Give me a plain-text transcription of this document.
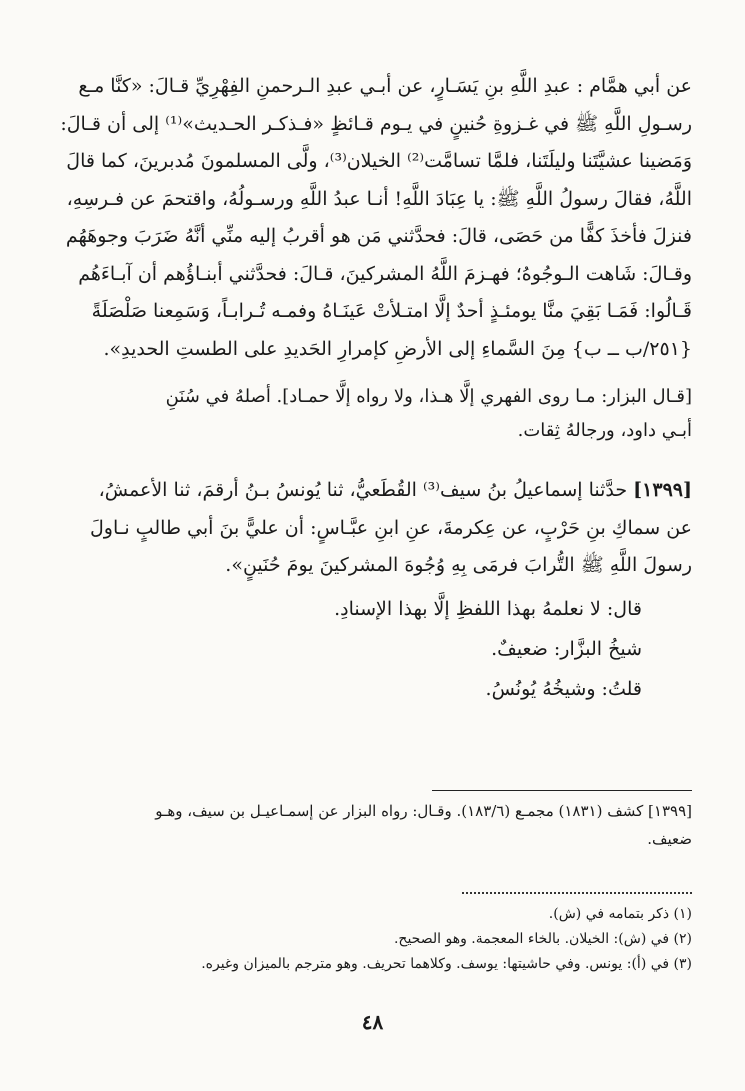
عن أبي همَّام : عبدِ اللَّهِ بنِ يَسَـارٍ، عن أبـي عبدِ الـرحمنِ الفِهْرِيِّ قـالَ: «كنَّا مـع

رسـولِ اللَّهِ ﷺ في غـزوةِ حُنينٍ في يـوم قـائظٍ «فـذكـر الحـديث»⁽¹⁾ إلى أن قـالَ:

وَمَضينا عشيَّتَنا وليلَتَنا، فلمَّا تسامَّت⁽²⁾ الخيلان⁽³⁾، ولَّى المسلمونَ مُدبرينَ، كما قالَ

اللَّهُ، فقالَ رسولُ اللَّهِ ﷺ: يا عِبَادَ اللَّهِ! أنـا عبدُ اللَّهِ ورسـولُهُ، واقتحمَ عن فـرسِهِ،

فنزلَ فأخذَ كفًّا من حَصَى، قالَ: فحدَّثني مَن هو أقربُ إليه منِّي أنَّهُ ضَرَبَ وجوهَهُم

وقـالَ: شَاهت الـوجُوهُ؛ فهـزمَ اللَّهُ المشركينَ، قـالَ: فحدَّثني أبنـاؤُهم أن آبـاءَهُم

قَـالُوا: فَمَـا بَقِيَ منَّا يومئـذٍ أحدٌ إلَّا امتـلأتْ عَينَـاهُ وفمـه تُـرابـاً، وَسَمِعنا صَلْصَلَةً

{٢٥١/ب ــ ب} مِنَ السَّماءِ إلى الأرضِ كإمرارِ الحَديدِ على الطستِ الحديدِ».

[قـال البزار: مـا روى الفهري إلَّا هـذا، ولا رواه إلَّا حمـاد]. أصلهُ في سُنَنِ

أبـي داود، ورجالهُ ثِقات.

[١٣٩٩] حدَّثنا إسماعيلُ بنُ سيف⁽³⁾ القُطَعيُّ، ثنا يُونسُ بـنُ أرقمَ، ثنا الأعمشُ،

عن سماكِ بنِ حَرْبٍ، عن عِكرمةَ، عنِ ابنِ عبَّـاسٍ: أن عليًّ بنَ أبي طالبٍ نـاولَ

رسولَ اللَّهِ ﷺ التُّرابَ فرمَى بِهِ وُجُوهَ المشركينَ يومَ حُنَينٍ».

قال: لا نعلمهُ بهذا اللفظِ إلَّا بهذا الإسنادِ.

شيخُ البزَّار: ضعيفٌ.

قلتُ: وشيخُهُ يُونُسُ.

[١٣٩٩] كشف (١٨٣١) مجمـع (١٨٣/٦). وقـال: رواه البزار عن إسمـاعيـل بن سيف، وهـو

ضعيف.

(١) ذكر بتمامه في (ش).

(٢) في (ش): الخيلان. بالخاء المعجمة. وهو الصحيح.

(٣) في (أ): يونس. وفي حاشيتها: يوسف. وكلاهما تحريف. وهو مترجم بالميزان وغيره.

٤٨
